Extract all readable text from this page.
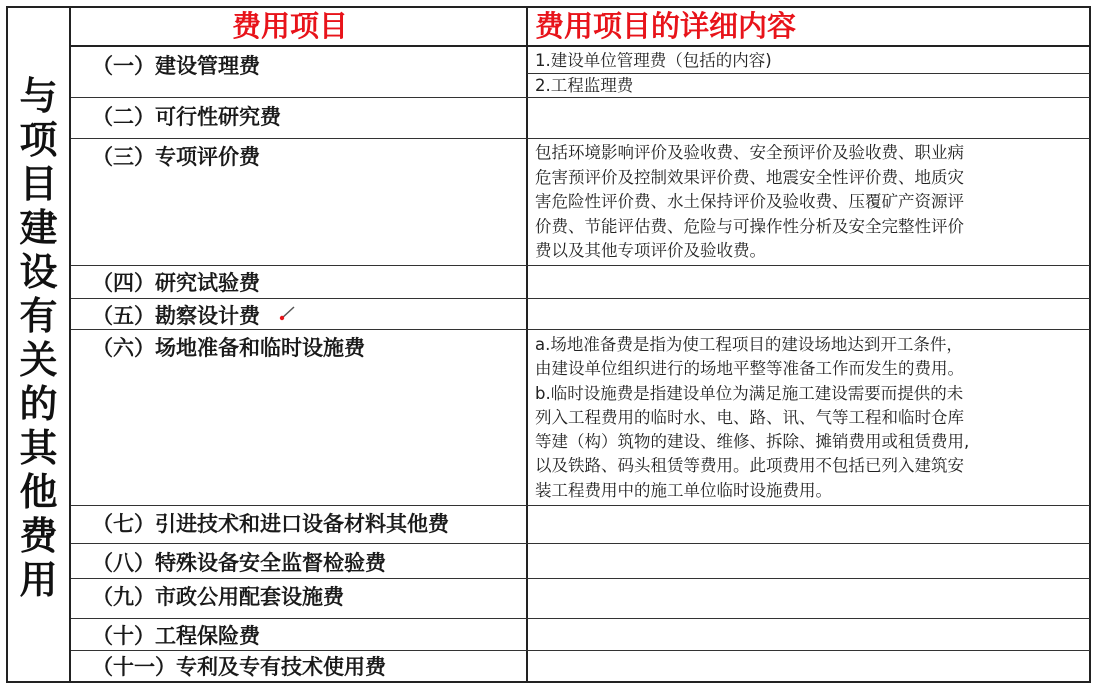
与
项
目
建
设
有
关
的
其
他
费
用
费用项目	费用项目的详细内容
（一）建设管理费
（二）可行性研究费
（三）专项评价费
（四）研究试验费
（五）勘察设计费
（六）场地准备和临时设施费
（七）引进技术和进口设备材料其他费
（八）特殊设备安全监督检验费
（九）市政公用配套设施费
（十）工程保险费
（十一）专利及专有技术使用费
1.建设单位管理费（包括的内容)
2.工程监理费
包括环境影响评价及验收费、安全预评价及验收费、职业病
危害预评价及控制效果评价费、地震安全性评价费、地质灾
害危险性评价费、水土保持评价及验收费、压覆矿产资源评
价费、节能评估费、危险与可操作性分析及安全完整性评价
费以及其他专项评价及验收费。
a.场地准备费是指为使工程项目的建设场地达到开工条件，
由建设单位组织进行的场地平整等准备工作而发生的费用。
b.临时设施费是指建设单位为满足施工建设需要而提供的未
列入工程费用的临时水、电、路、讯、气等工程和临时仓库
等建（构）筑物的建设、维修、拆除、摊销费用或租赁费用,
以及铁路、码头租赁等费用。此项费用不包括已列入建筑安
装工程费用中的施工单位临时设施费用。
